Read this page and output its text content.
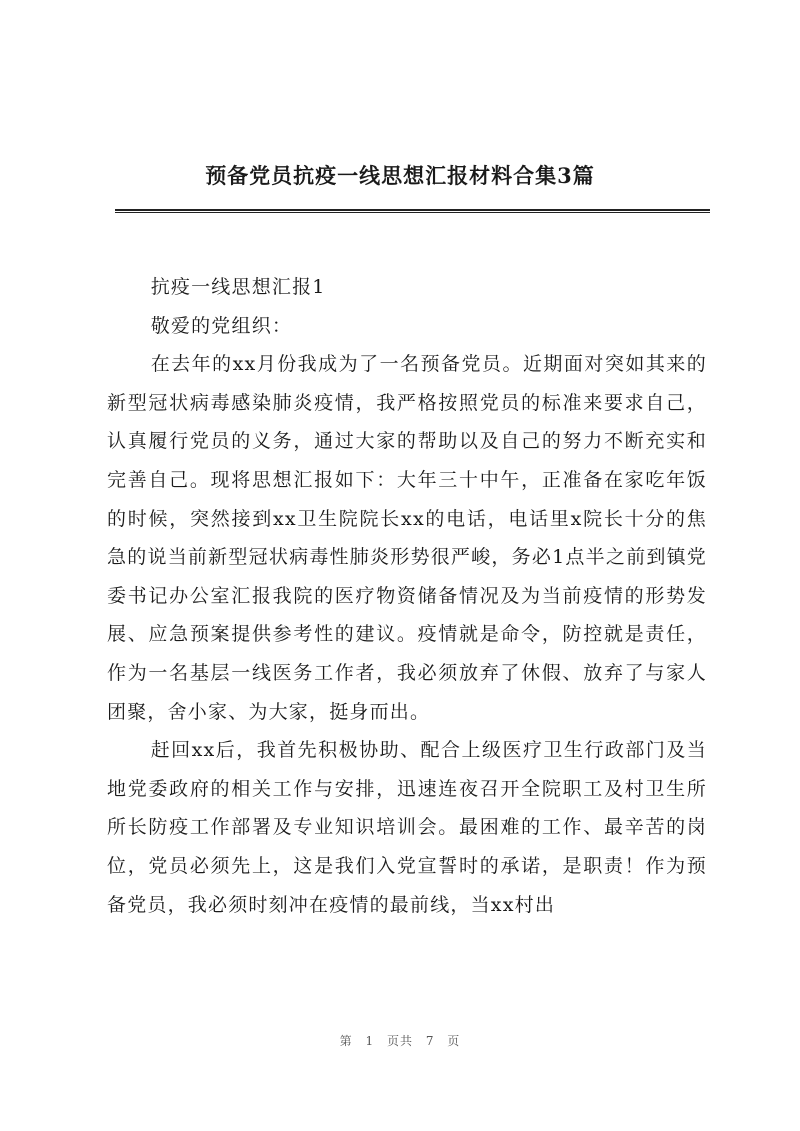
预备党员抗疫一线思想汇报材料合集3篇

抗疫一线思想汇报1

敬爱的党组织：

在去年的xx月份我成为了一名预备党员。近期面对突如其来的新型冠状病毒感染肺炎疫情，我严格按照党员的标准来要求自己，认真履行党员的义务，通过大家的帮助以及自己的努力不断充实和完善自己。现将思想汇报如下：大年三十中午，正准备在家吃年饭的时候，突然接到xx卫生院院长xx的电话，电话里x院长十分的焦急的说当前新型冠状病毒性肺炎形势很严峻，务必1点半之前到镇党委书记办公室汇报我院的医疗物资储备情况及为当前疫情的形势发展、应急预案提供参考性的建议。疫情就是命令，防控就是责任，作为一名基层一线医务工作者，我必须放弃了休假、放弃了与家人团聚，舍小家、为大家，挺身而出。

赶回xx后，我首先积极协助、配合上级医疗卫生行政部门及当地党委政府的相关工作与安排，迅速连夜召开全院职工及村卫生所所长防疫工作部署及专业知识培训会。最困难的工作、最辛苦的岗位，党员必须先上，这是我们入党宣誓时的承诺，是职责！作为预备党员，我必须时刻冲在疫情的最前线，当xx村出

第 1 页共 7 页
